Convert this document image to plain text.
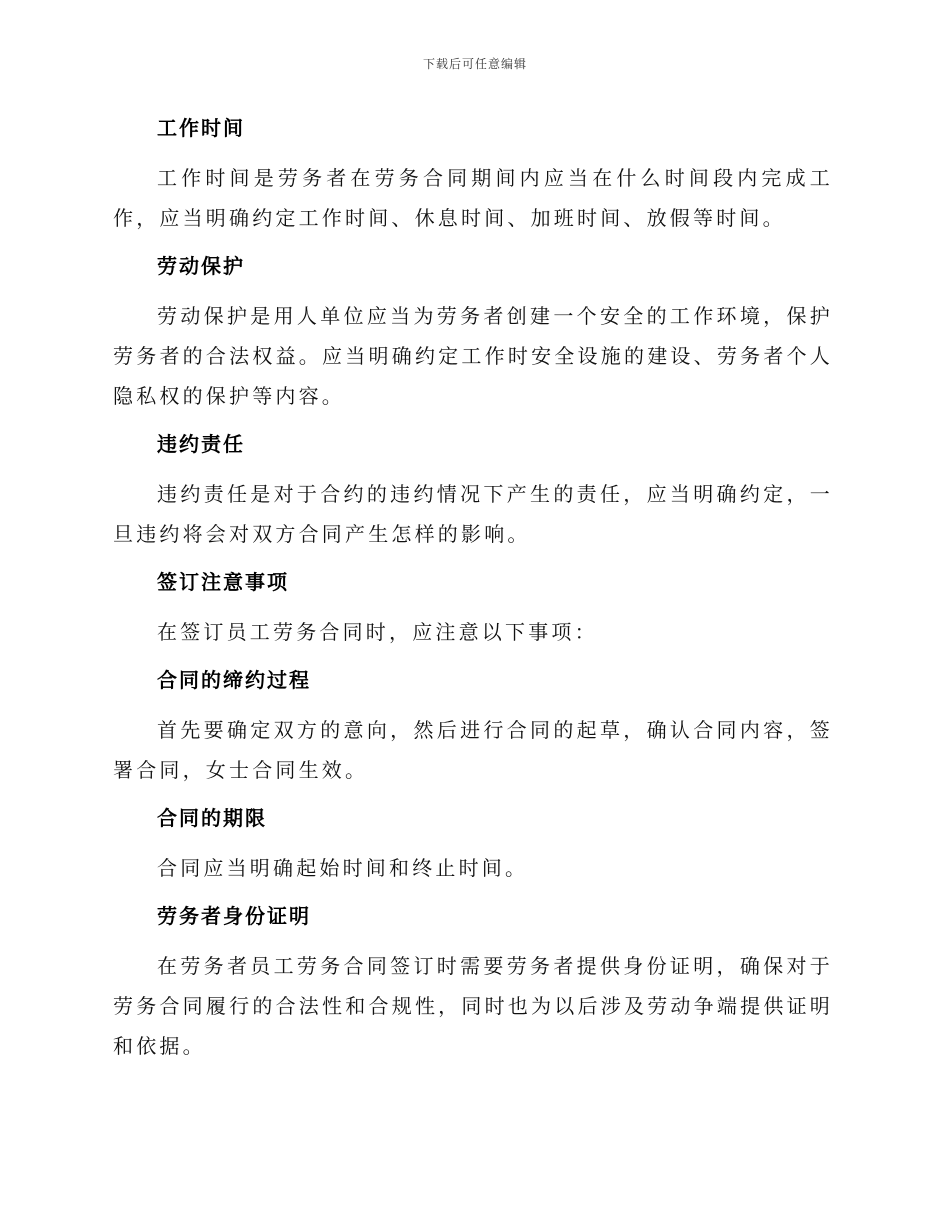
下载后可任意编辑
工作时间

工作时间是劳务者在劳务合同期间内应当在什么时间段内完成工作，应当明确约定工作时间、休息时间、加班时间、放假等时间。

劳动保护

劳动保护是用人单位应当为劳务者创建一个安全的工作环境，保护劳务者的合法权益。应当明确约定工作时安全设施的建设、劳务者个人隐私权的保护等内容。

违约责任

违约责任是对于合约的违约情况下产生的责任，应当明确约定，一旦违约将会对双方合同产生怎样的影响。

签订注意事项

在签订员工劳务合同时，应注意以下事项：

合同的缔约过程

首先要确定双方的意向，然后进行合同的起草，确认合同内容，签署合同，女士合同生效。

合同的期限

合同应当明确起始时间和终止时间。

劳务者身份证明

在劳务者员工劳务合同签订时需要劳务者提供身份证明，确保对于劳务合同履行的合法性和合规性，同时也为以后涉及劳动争端提供证明和依据。
